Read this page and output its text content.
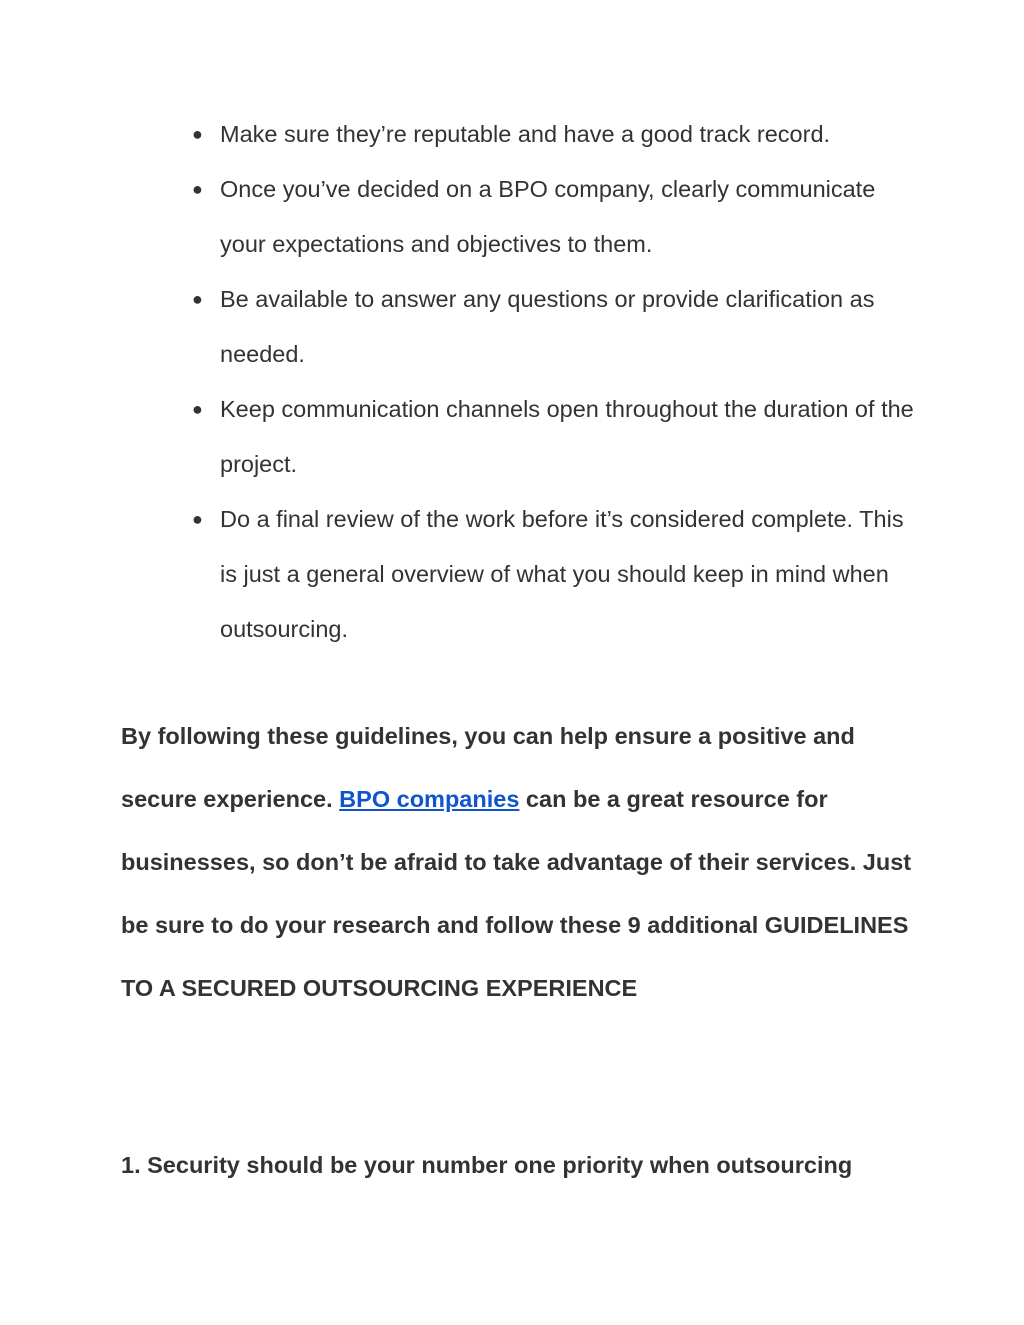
● Make sure they’re reputable and have a good track record.
● Once you’ve decided on a BPO company, clearly communicate your expectations and objectives to them.
● Be available to answer any questions or provide clarification as needed.
● Keep communication channels open throughout the duration of the project.
● Do a final review of the work before it’s considered complete. This is just a general overview of what you should keep in mind when outsourcing.

By following these guidelines, you can help ensure a positive and secure experience. BPO companies can be a great resource for businesses, so don’t be afraid to take advantage of their services. Just be sure to do your research and follow these 9 additional GUIDELINES TO A SECURED OUTSOURCING EXPERIENCE

1. Security should be your number one priority when outsourcing
